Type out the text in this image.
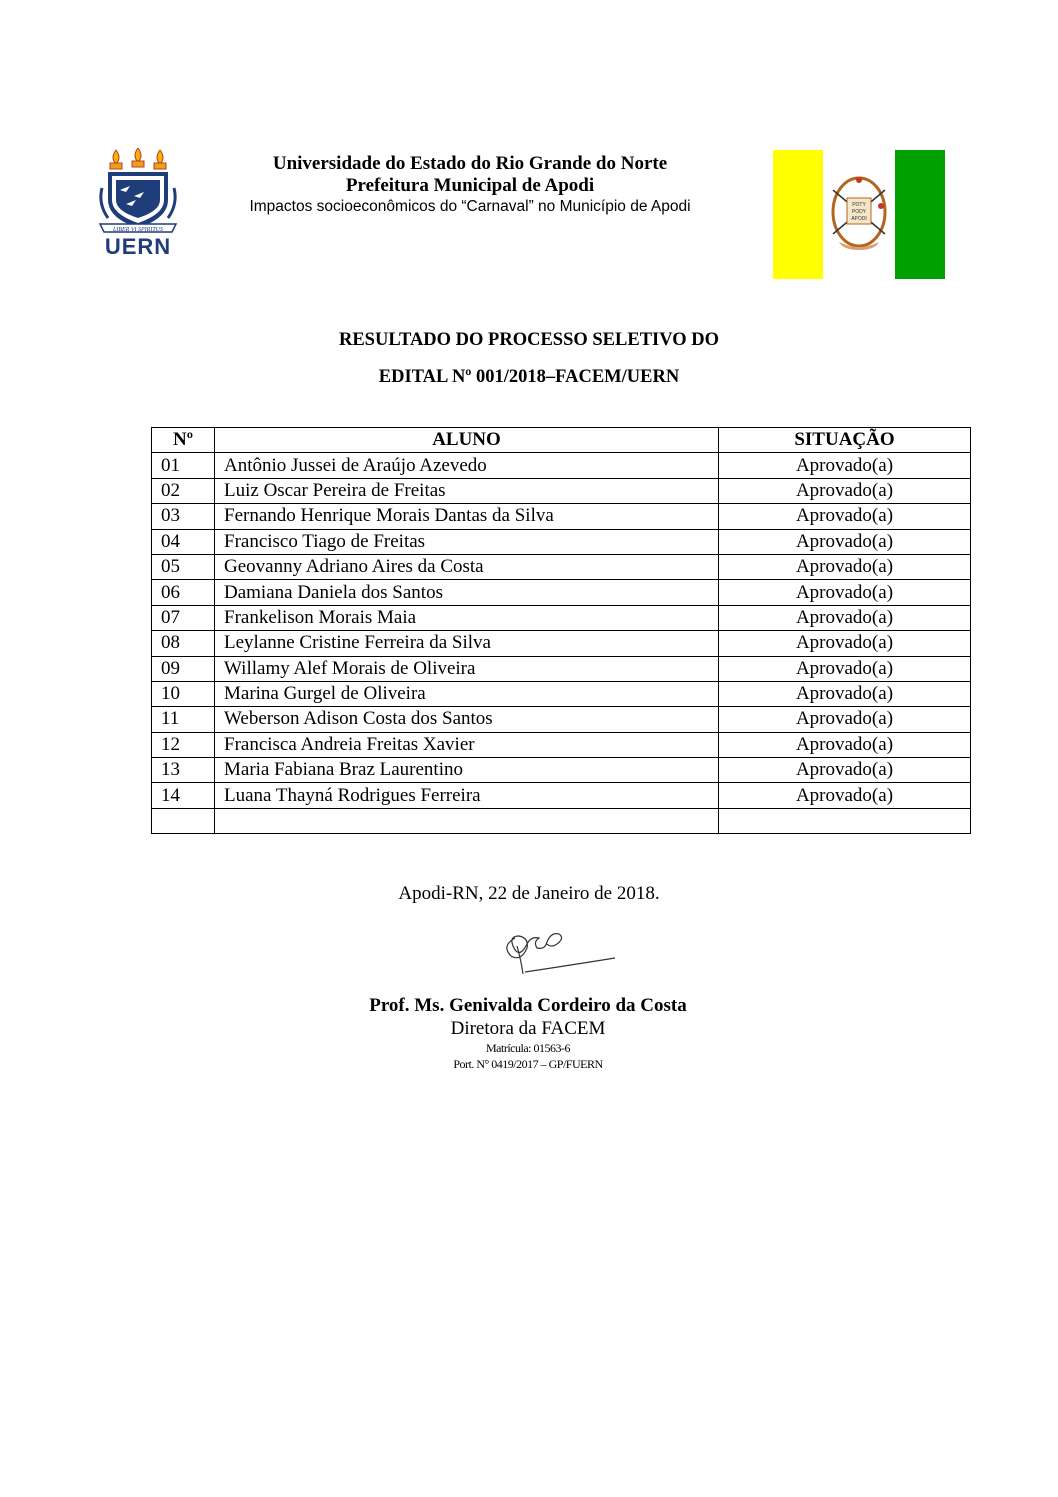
LIBER VI SPIRITUS
UERN
Universidade do Estado do Rio Grande do Norte
Prefeitura Municipal de Apodi
Impactos socioeconômicos do “Carnaval” no Município de Apodi	POTY
PODY
APODI
RESULTADO DO PROCESSO SELETIVO DO
EDITAL Nº 001/2018–FACEM/UERN
Nº	ALUNO	SITUAÇÃO
01	Antônio Jussei de Araújo Azevedo	Aprovado(a)
02	Luiz Oscar Pereira de Freitas	Aprovado(a)
03	Fernando Henrique Morais Dantas da Silva	Aprovado(a)
04	Francisco Tiago de Freitas	Aprovado(a)
05	Geovanny Adriano Aires da Costa	Aprovado(a)
06	Damiana Daniela dos Santos	Aprovado(a)
07	Frankelison Morais Maia	Aprovado(a)
08	Leylanne Cristine Ferreira da Silva	Aprovado(a)
09	Willamy Alef Morais de Oliveira	Aprovado(a)
10	Marina Gurgel de Oliveira	Aprovado(a)
11	Weberson Adison Costa dos Santos	Aprovado(a)
12	Francisca Andreia Freitas Xavier	Aprovado(a)
13	Maria Fabiana Braz Laurentino	Aprovado(a)
14	Luana Thayná Rodrigues Ferreira	Aprovado(a)

Apodi-RN, 22 de Janeiro de 2018.
Prof. Ms. Genivalda Cordeiro da Costa
Diretora da FACEM
Matrícula: 01563-6
Port. N° 0419/2017 – GP/FUERN
